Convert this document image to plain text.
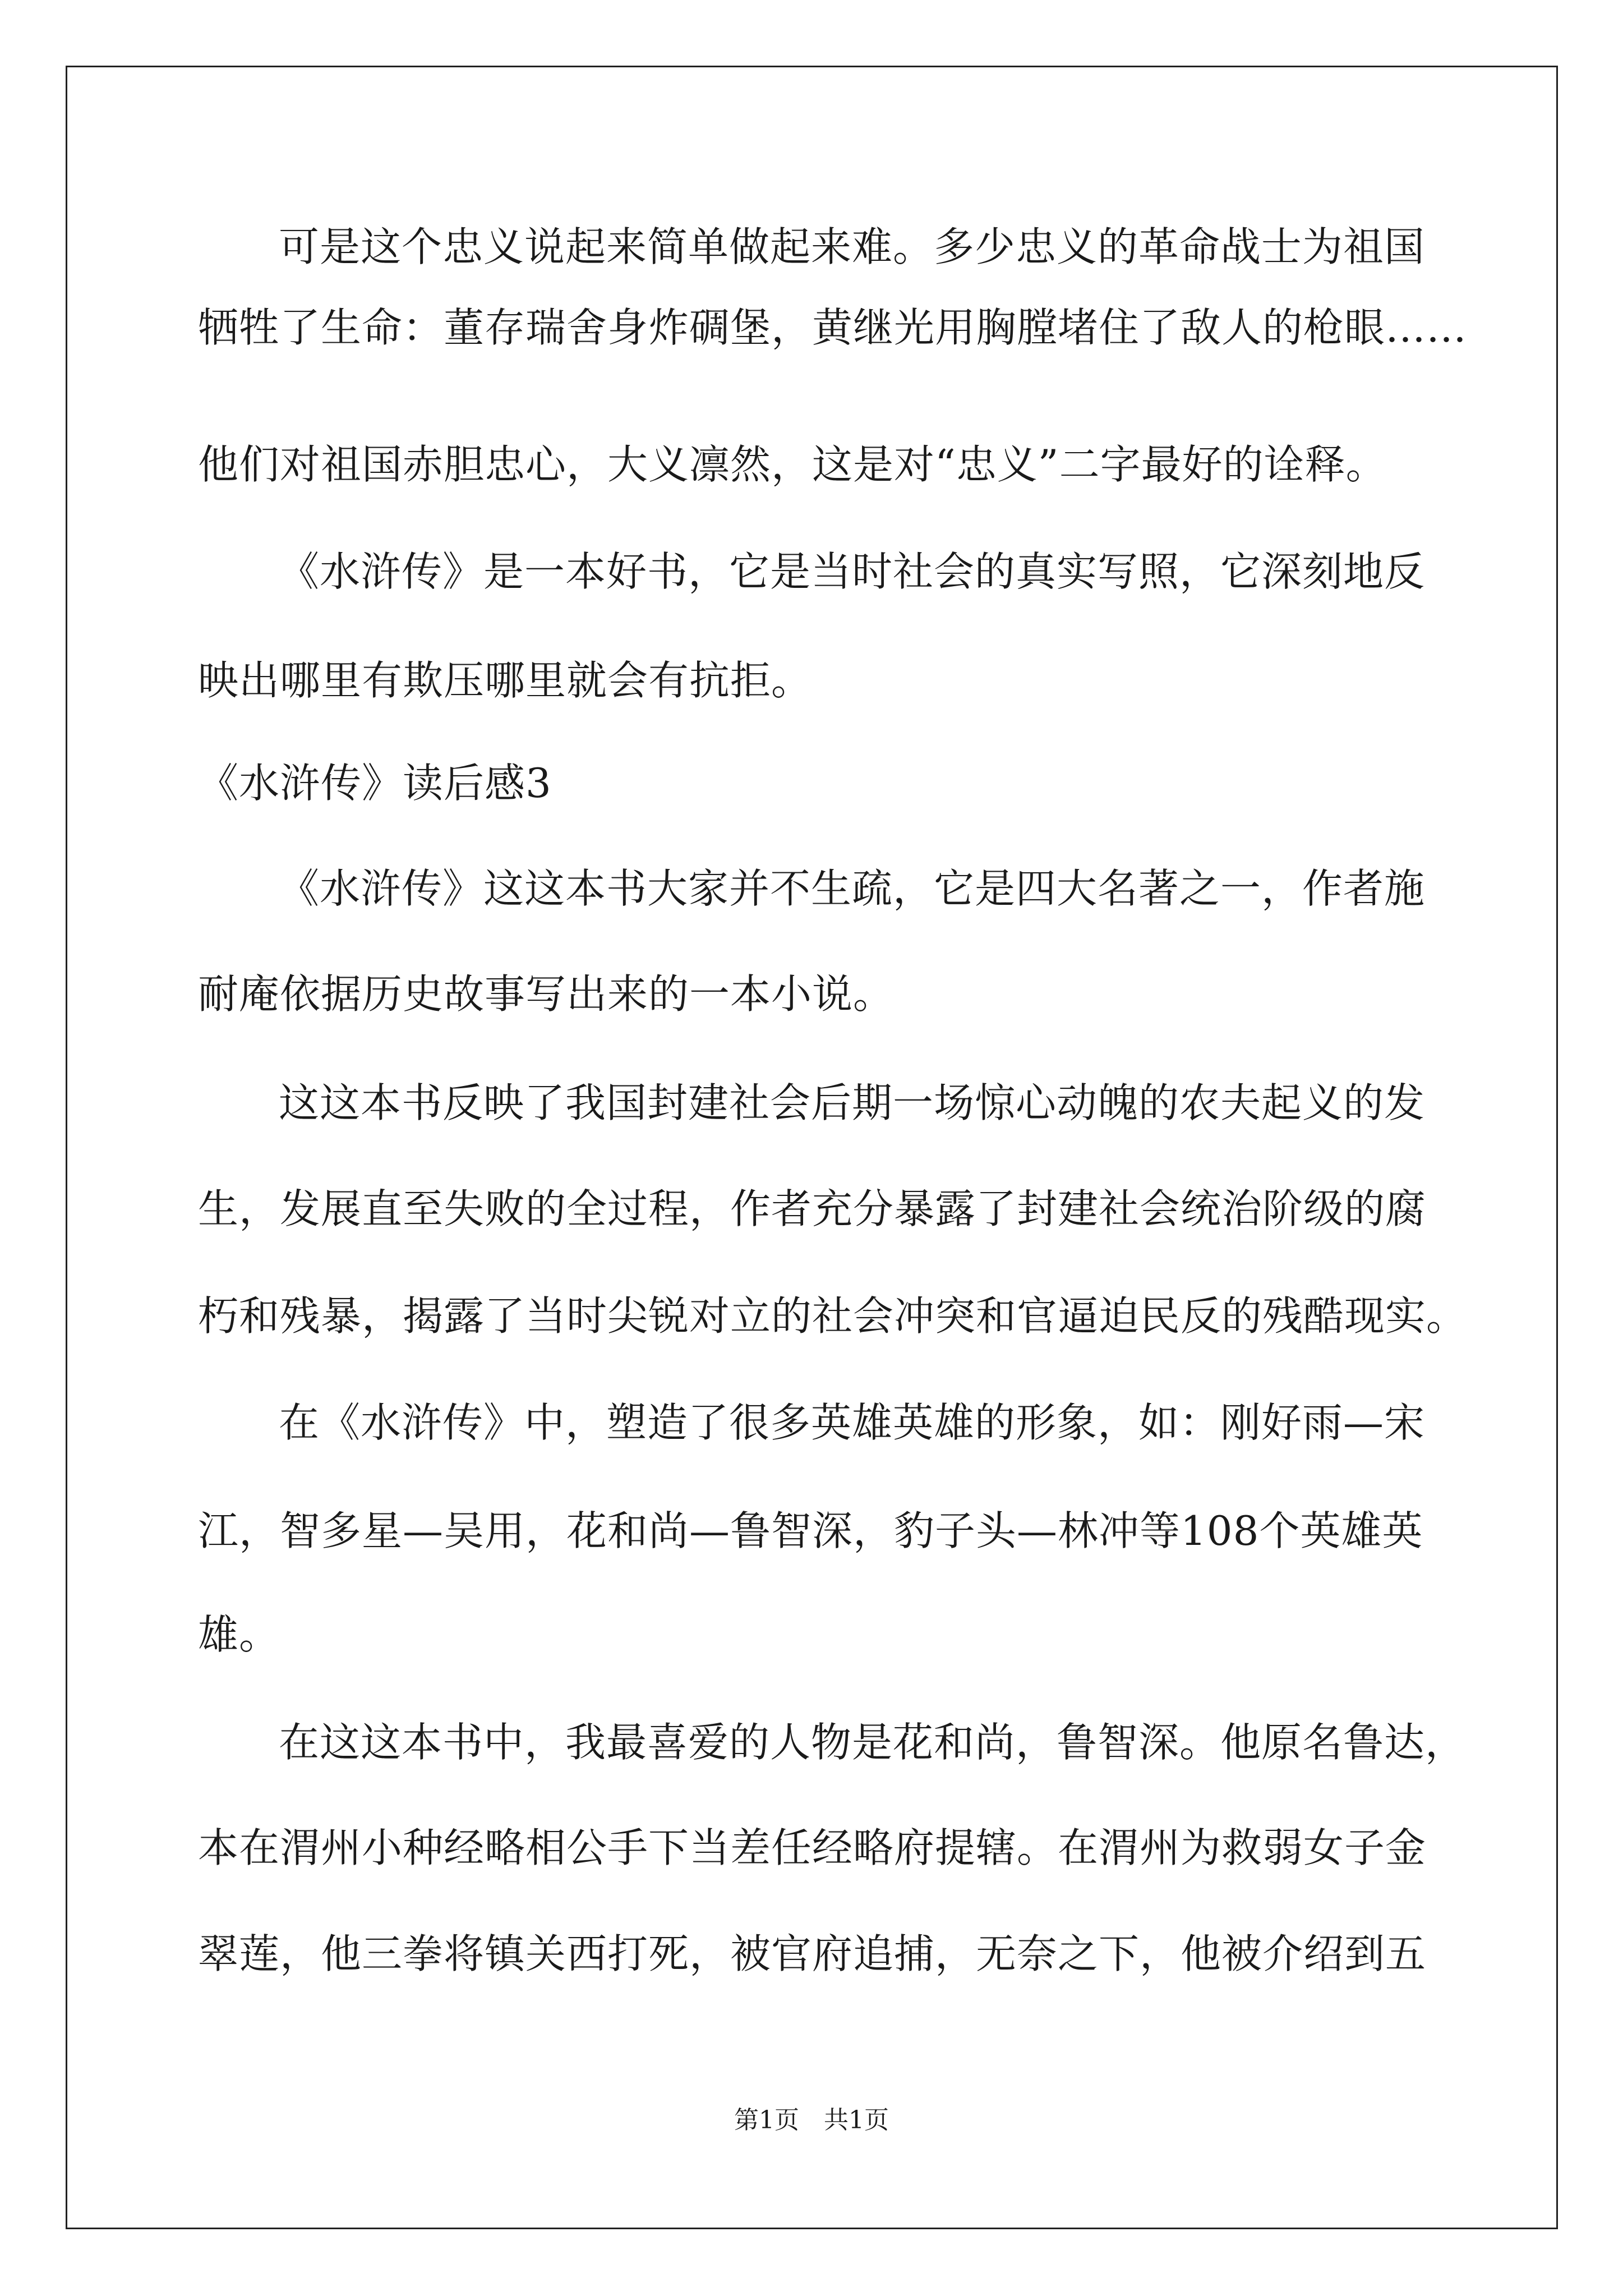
可是这个忠义说起来简单做起来难。多少忠义的革命战士为祖国
牺牲了生命：董存瑞舍身炸碉堡，黄继光用胸膛堵住了敌人的枪眼……
他们对祖国赤胆忠心，大义凛然，这是对“忠义”二字最好的诠释。
《水浒传》是一本好书，它是当时社会的真实写照，它深刻地反
映出哪里有欺压哪里就会有抗拒。
《水浒传》读后感3
《水浒传》这这本书大家并不生疏，它是四大名著之一，作者施
耐庵依据历史故事写出来的一本小说。
这这本书反映了我国封建社会后期一场惊心动魄的农夫起义的发
生，发展直至失败的全过程，作者充分暴露了封建社会统治阶级的腐
朽和残暴，揭露了当时尖锐对立的社会冲突和官逼迫民反的残酷现实。
在《水浒传》中，塑造了很多英雄英雄的形象，如：刚好雨—宋
江，智多星—吴用，花和尚—鲁智深，豹子头—林冲等108个英雄英
雄。
在这这本书中，我最喜爱的人物是花和尚，鲁智深。他原名鲁达，
本在渭州小种经略相公手下当差任经略府提辖。在渭州为救弱女子金
翠莲，他三拳将镇关西打死，被官府追捕，无奈之下，他被介绍到五
第1页　共1页
